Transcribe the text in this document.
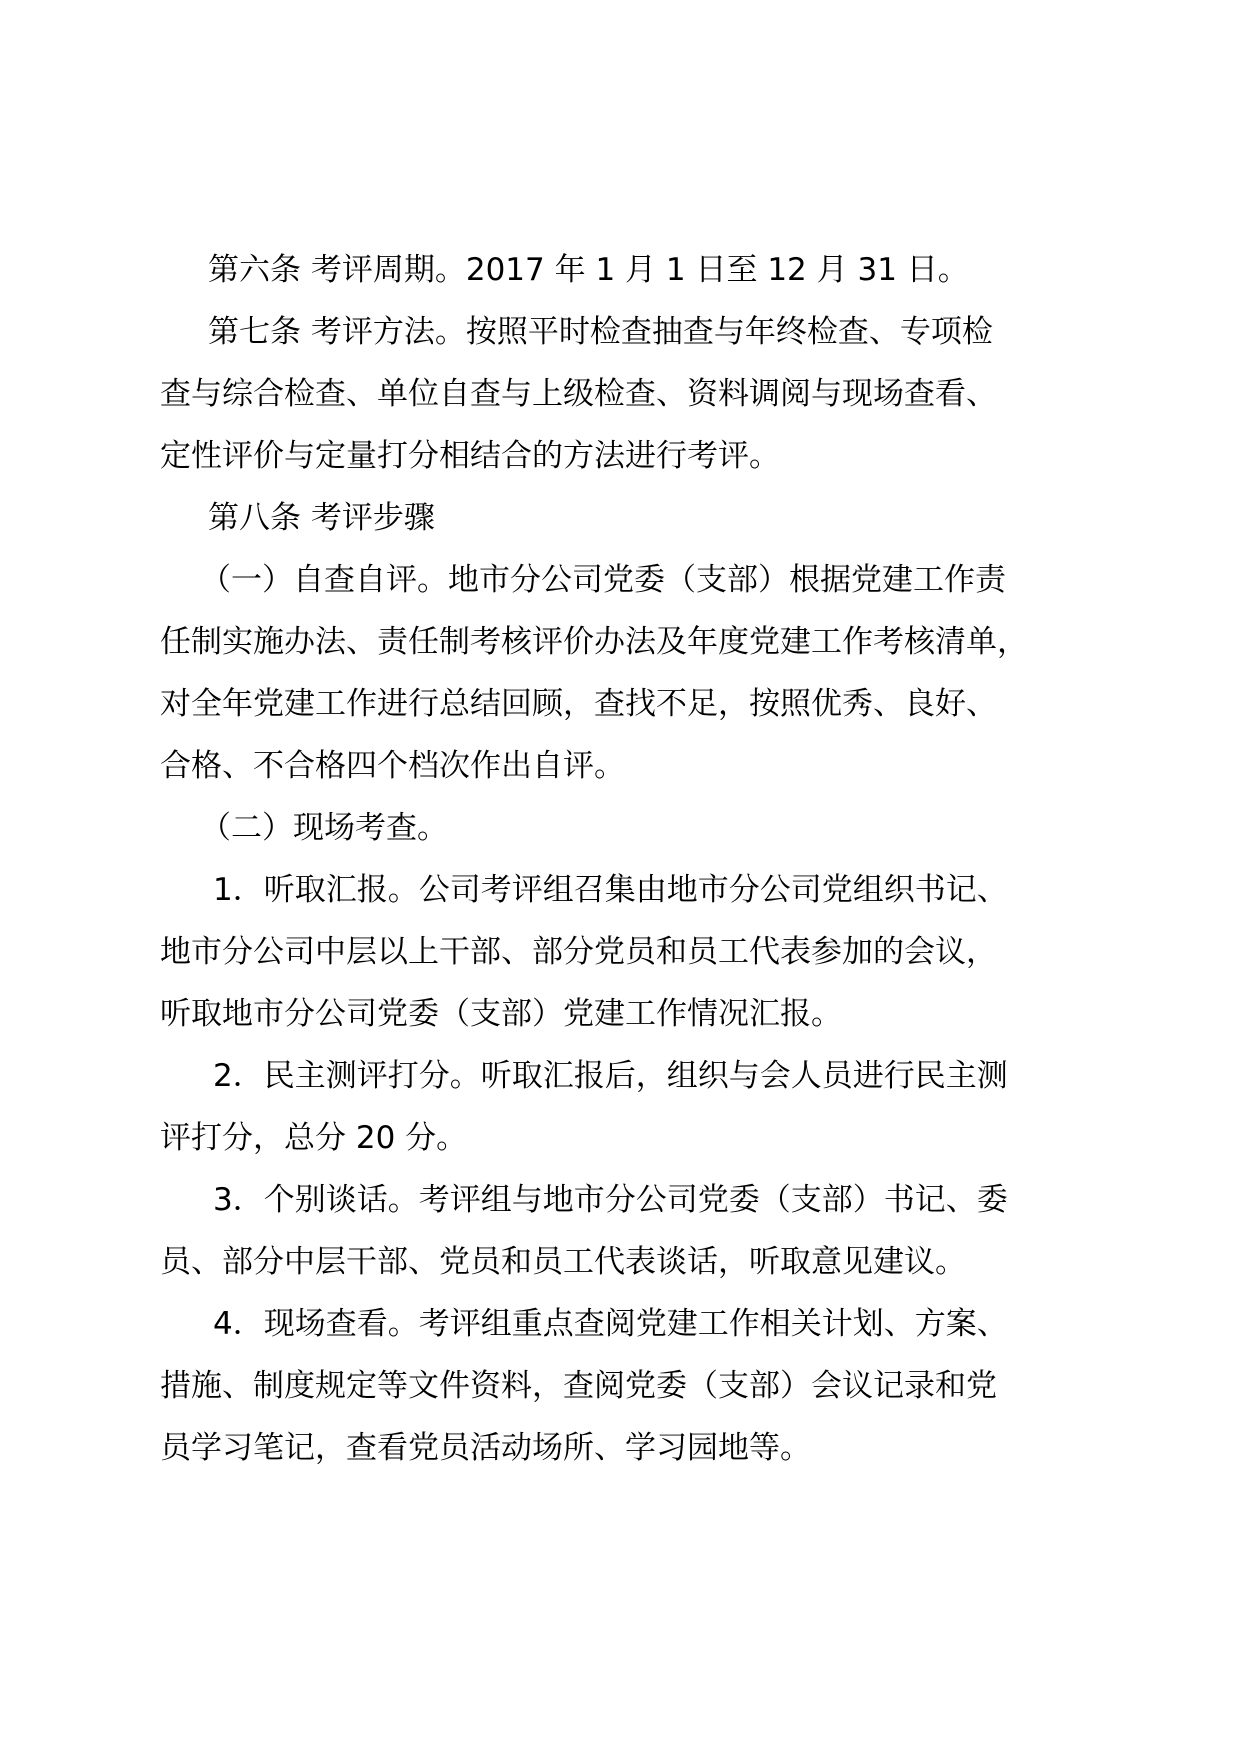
第六条 考评周期。2017 年 1 月 1 日至 12 月 31 日。
第七条 考评方法。按照平时检查抽查与年终检查、专项检
查与综合检查、单位自查与上级检查、资料调阅与现场查看、
定性评价与定量打分相结合的方法进行考评。
第八条 考评步骤
（一）自查自评。地市分公司党委（支部）根据党建工作责
任制实施办法、责任制考核评价办法及年度党建工作考核清单，
对全年党建工作进行总结回顾，查找不足，按照优秀、良好、
合格、不合格四个档次作出自评。
（二）现场考查。
1．听取汇报。公司考评组召集由地市分公司党组织书记、
地市分公司中层以上干部、部分党员和员工代表参加的会议，
听取地市分公司党委（支部）党建工作情况汇报。
2．民主测评打分。听取汇报后，组织与会人员进行民主测
评打分，总分 20 分。
3．个别谈话。考评组与地市分公司党委（支部）书记、委
员、部分中层干部、党员和员工代表谈话，听取意见建议。
4．现场查看。考评组重点查阅党建工作相关计划、方案、
措施、制度规定等文件资料，查阅党委（支部）会议记录和党
员学习笔记，查看党员活动场所、学习园地等。
